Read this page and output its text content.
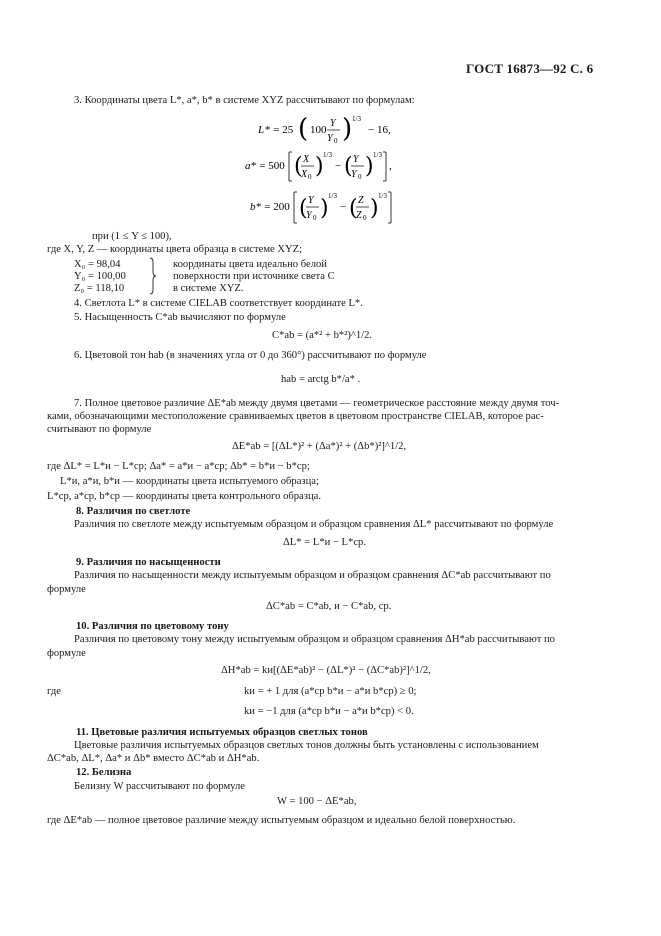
ГОСТ 16873—92 С. 6
3. Координаты цвета L*, a*, b* в системе XYZ рассчитывают по формулам:
L * = 25 ( 100
Y
Y 0 ) 1/3
− 16,
a * = 500 ( X
X 0 ) 1/3
− ( Y
Y 0 ) 1/3
,
b * = 200 ( Y
Y 0 ) 1/3
− ( Z
Z 0 ) 1/3
при (1 ≤ Y ≤ 100),
где X, Y, Z — координаты цвета образца в системе XYZ;
X₀ = 98,04
Y₀ = 100,00
Z₀ = 118,10
координаты цвета идеально белой
поверхности при источнике света С
в системе XYZ.
4. Светлота L* в системе CIELAB соответствует координате L*.
5. Насыщенность C*ab вычисляют по формуле
C*ab = (a*² + b*²)^1/2.
6. Цветовой тон hab (в значениях угла от 0 до 360°) рассчитывают по формуле
hab = arctg b*/a* .
7. Полное цветовое различие ΔE*ab между двумя цветами — геометрическое расстояние между двумя точ-
ками, обозначающими местоположение сравниваемых цветов в цветовом пространстве CIELAB, которое рас-
считывают по формуле
ΔE*ab = [(ΔL*)² + (Δa*)² + (Δb*)²]^1/2,
где ΔL* = L*и − L*ср; Δa* = a*и − a*ср; Δb* = b*и − b*ср;
L*и, a*и, b*и — координаты цвета испытуемого образца;
L*ср, a*ср, b*ср — координаты цвета контрольного образца.
8. Различия по светлоте
Различия по светлоте между испытуемым образцом и образцом сравнения ΔL* рассчитывают по формуле
ΔL* = L*и − L*ср.
9. Различия по насыщенности
Различия по насыщенности между испытуемым образцом и образцом сравнения ΔC*ab рассчитывают по
формуле
ΔC*ab = C*ab, и − C*ab, ср.
10. Различия по цветовому тону
Различия по цветовому тону между испытуемым образцом и образцом сравнения ΔH*ab рассчитывают по
формуле
ΔH*ab = kи[(ΔE*ab)² − (ΔL*)² − (ΔC*ab)²]^1/2,
где	kи = + 1 для (a*ср b*и − a*и b*ср) ≥ 0;
kи = −1 для (a*ср b*и − a*и b*ср) < 0.
11. Цветовые различия испытуемых образцов светлых тонов
Цветовые различия испытуемых образцов светлых тонов должны быть установлены с использованием
ΔC*ab, ΔL*, Δa* и Δb* вместо ΔC*ab и ΔH*ab.
12. Белизна
Белизну W рассчитывают по формуле
W = 100 − ΔE*ab,
где ΔE*ab — полное цветовое различие между испытуемым образцом и идеально белой поверхностью.
